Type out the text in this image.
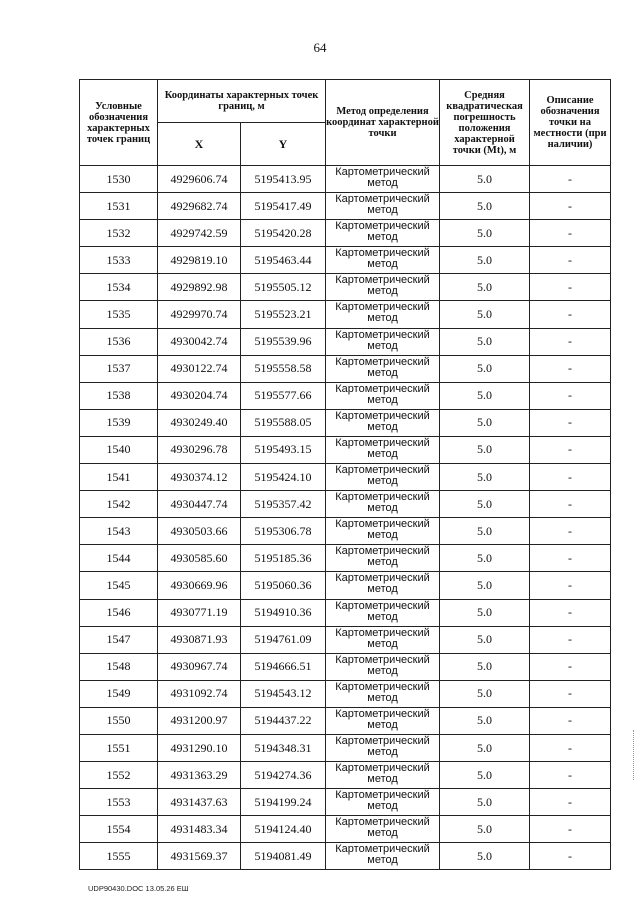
64
Условные обозначения характерных точек границ	Координаты характерных точек границ, м		Метод определения координат характерной точки	Средняя квадратическая погрешность положения характерной точки (Mt), м	Описание обозначения точки на местности (при наличии)
	X	Y			
1530	4929606.74	5195413.95	Картометрический метод	5.0	-
1531	4929682.74	5195417.49	Картометрический метод	5.0	-
1532	4929742.59	5195420.28	Картометрический метод	5.0	-
1533	4929819.10	5195463.44	Картометрический метод	5.0	-
1534	4929892.98	5195505.12	Картометрический метод	5.0	-
1535	4929970.74	5195523.21	Картометрический метод	5.0	-
1536	4930042.74	5195539.96	Картометрический метод	5.0	-
1537	4930122.74	5195558.58	Картометрический метод	5.0	-
1538	4930204.74	5195577.66	Картометрический метод	5.0	-
1539	4930249.40	5195588.05	Картометрический метод	5.0	-
1540	4930296.78	5195493.15	Картометрический метод	5.0	-
1541	4930374.12	5195424.10	Картометрический метод	5.0	-
1542	4930447.74	5195357.42	Картометрический метод	5.0	-
1543	4930503.66	5195306.78	Картометрический метод	5.0	-
1544	4930585.60	5195185.36	Картометрический метод	5.0	-
1545	4930669.96	5195060.36	Картометрический метод	5.0	-
1546	4930771.19	5194910.36	Картометрический метод	5.0	-
1547	4930871.93	5194761.09	Картометрический метод	5.0	-
1548	4930967.74	5194666.51	Картометрический метод	5.0	-
1549	4931092.74	5194543.12	Картометрический метод	5.0	-
1550	4931200.97	5194437.22	Картометрический метод	5.0	-
1551	4931290.10	5194348.31	Картометрический метод	5.0	-
1552	4931363.29	5194274.36	Картометрический метод	5.0	-
1553	4931437.63	5194199.24	Картометрический метод	5.0	-
1554	4931483.34	5194124.40	Картометрический метод	5.0	-
1555	4931569.37	5194081.49	Картометрический метод	5.0	-
UDP90430.DOC 13.05.26 ЕШ
